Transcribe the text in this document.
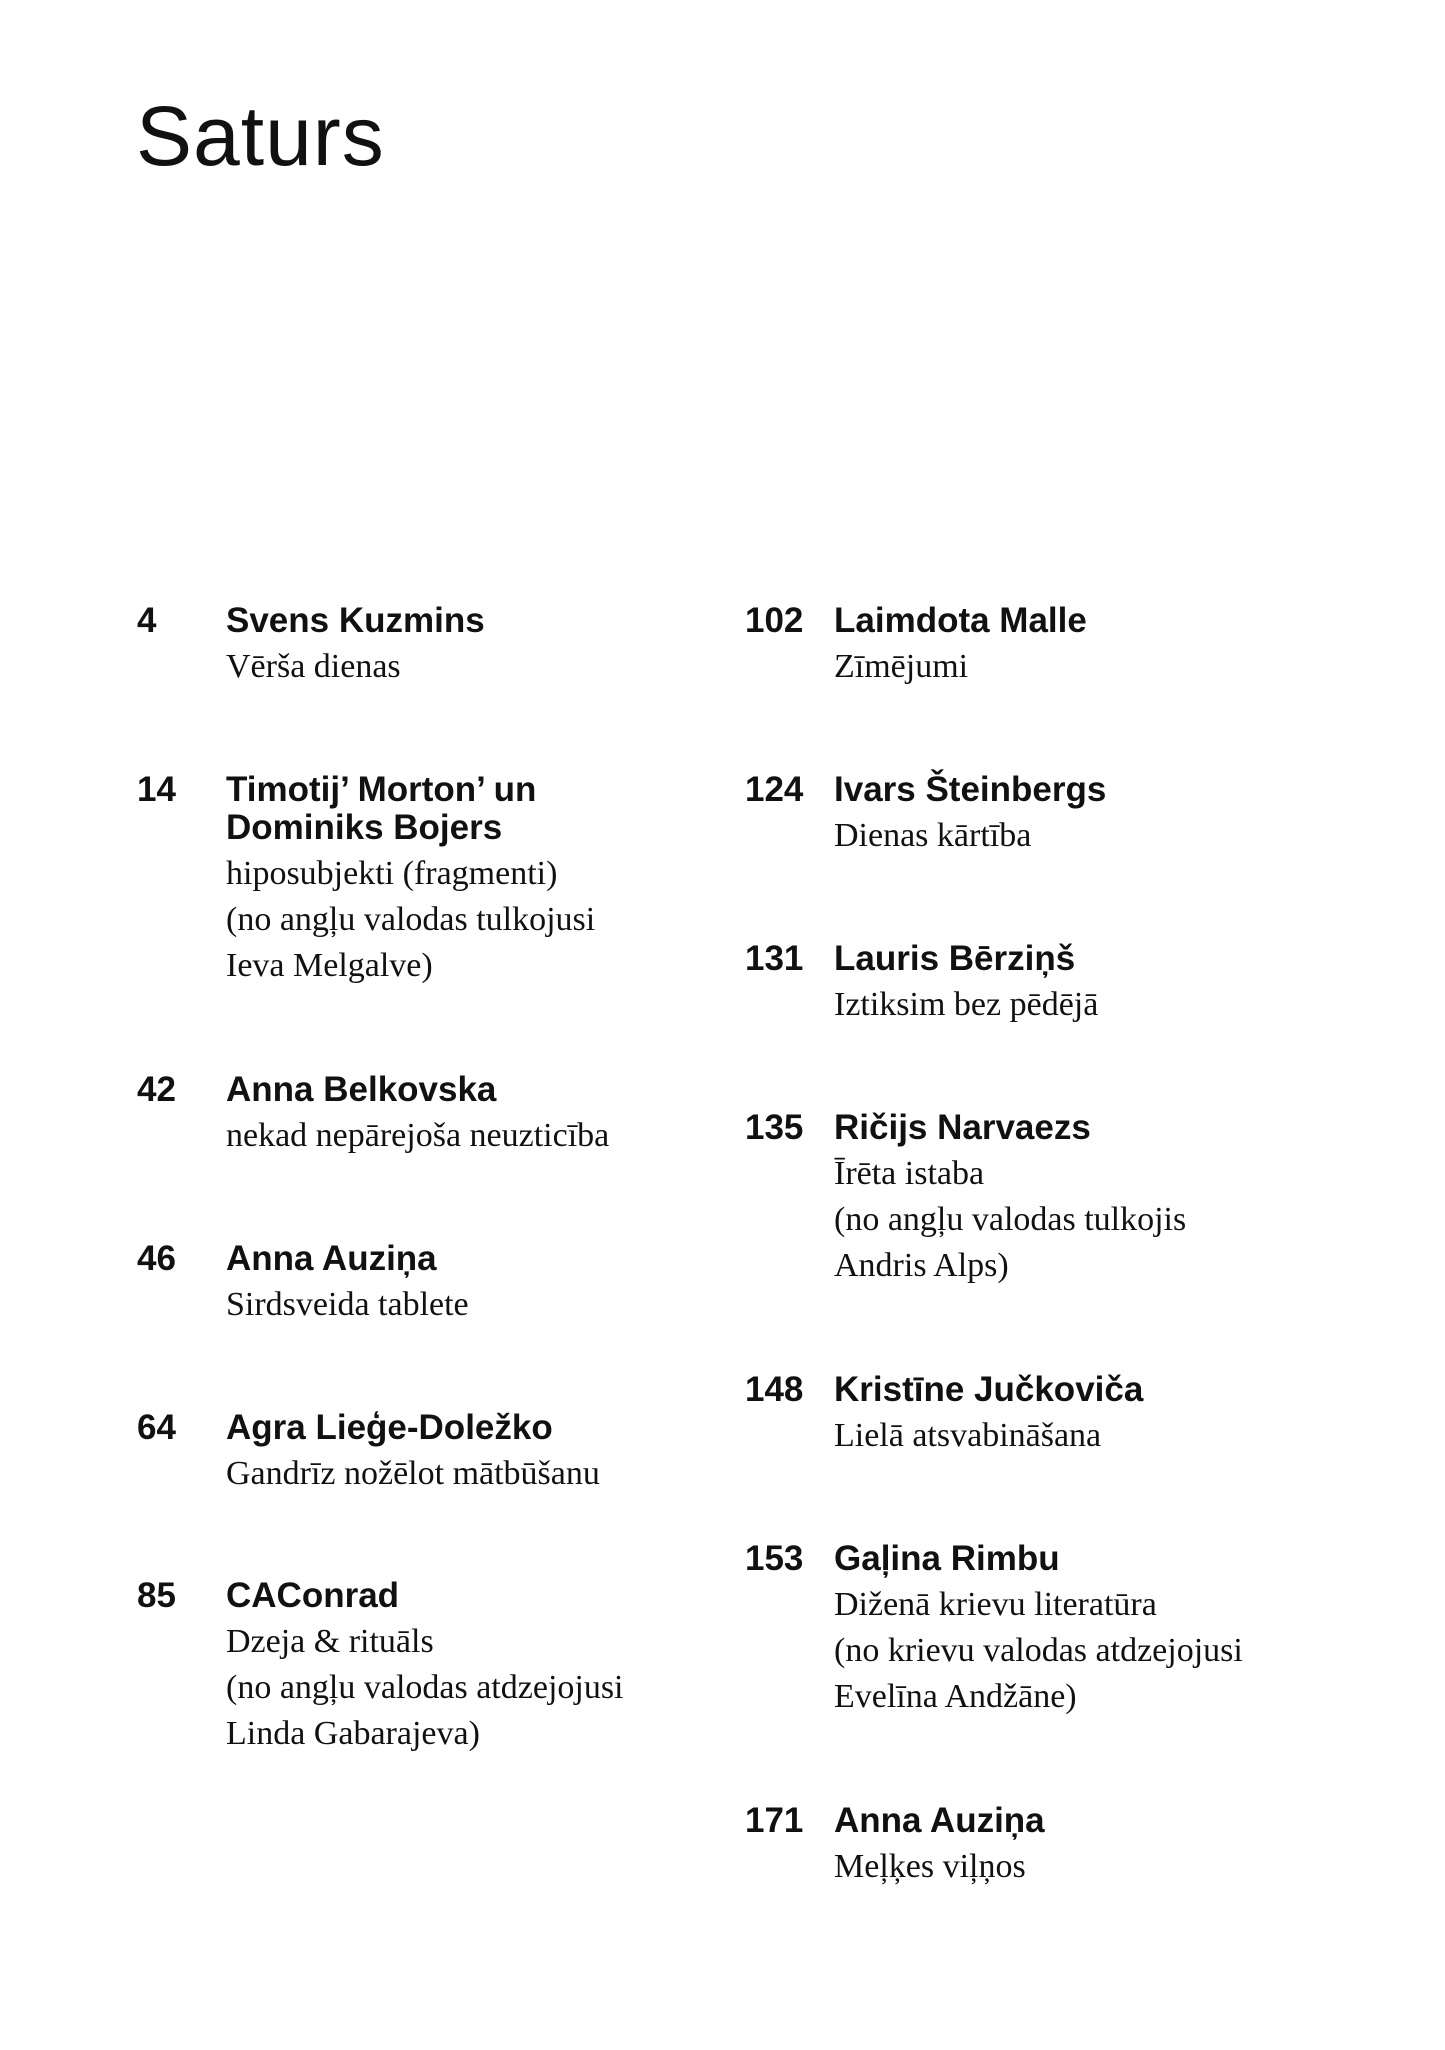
Saturs
4 Svens Kuzmins
Vērša dienas
14 Timotij’ Morton’ un
Dominiks Bojers
hiposubjekti (fragmenti)
(no angļu valodas tulkojusi
Ieva Melgalve)
42 Anna Belkovska
nekad nepārejoša neuzticība
46 Anna Auziņa
Sirdsveida tablete
64 Agra Lieģe-Doležko
Gandrīz nožēlot mātbūšanu
85 CAConrad
Dzeja & rituāls
(no angļu valodas atdzejojusi
Linda Gabarajeva)
102 Laimdota Malle
Zīmējumi
124 Ivars Šteinbergs
Dienas kārtība
131 Lauris Bērziņš
Iztiksim bez pēdējā
135 Ričijs Narvaezs
Īrēta istaba
(no angļu valodas tulkojis
Andris Alps)
148 Kristīne Jučkoviča
Lielā atsvabināšana
153 Gaļina Rimbu
Diženā krievu literatūra
(no krievu valodas atdzejojusi
Evelīna Andžāne)
171 Anna Auziņa
Meļķes viļņos
